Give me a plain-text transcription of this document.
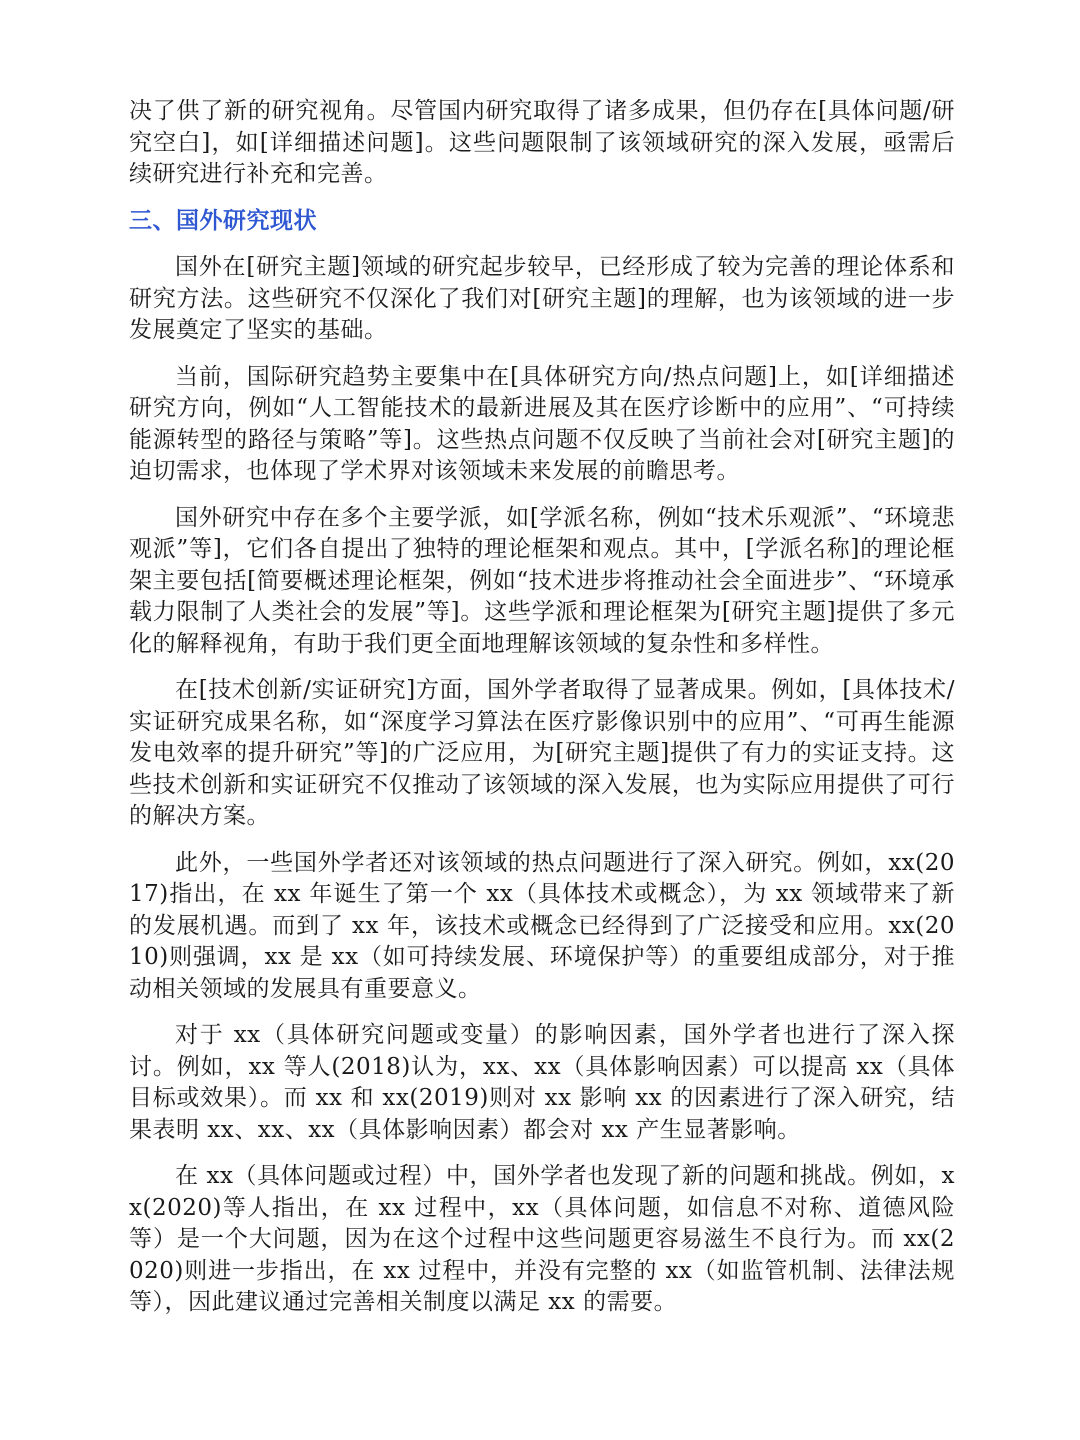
决了供了新的研究视角。尽管国内研究取得了诸多成果，但仍存在[具体问题/研究空白]，如[详细描述问题]。这些问题限制了该领域研究的深入发展，亟需后续研究进行补充和完善。

三、国外研究现状

国外在[研究主题]领域的研究起步较早，已经形成了较为完善的理论体系和研究方法。这些研究不仅深化了我们对[研究主题]的理解，也为该领域的进一步发展奠定了坚实的基础。

当前，国际研究趋势主要集中在[具体研究方向/热点问题]上，如[详细描述研究方向，例如“人工智能技术的最新进展及其在医疗诊断中的应用”、“可持续能源转型的路径与策略”等]。这些热点问题不仅反映了当前社会对[研究主题]的迫切需求，也体现了学术界对该领域未来发展的前瞻思考。

国外研究中存在多个主要学派，如[学派名称，例如“技术乐观派”、“环境悲观派”等]，它们各自提出了独特的理论框架和观点。其中，[学派名称]的理论框架主要包括[简要概述理论框架，例如“技术进步将推动社会全面进步”、“环境承载力限制了人类社会的发展”等]。这些学派和理论框架为[研究主题]提供了多元化的解释视角，有助于我们更全面地理解该领域的复杂性和多样性。

在[技术创新/实证研究]方面，国外学者取得了显著成果。例如，[具体技术/实证研究成果名称，如“深度学习算法在医疗影像识别中的应用”、“可再生能源发电效率的提升研究”等]的广泛应用，为[研究主题]提供了有力的实证支持。这些技术创新和实证研究不仅推动了该领域的深入发展，也为实际应用提供了可行的解决方案。

此外，一些国外学者还对该领域的热点问题进行了深入研究。例如，xx(2017)指出，在 xx 年诞生了第一个 xx（具体技术或概念），为 xx 领域带来了新的发展机遇。而到了 xx 年，该技术或概念已经得到了广泛接受和应用。xx(2010)则强调，xx 是 xx（如可持续发展、环境保护等）的重要组成部分，对于推动相关领域的发展具有重要意义。

对于 xx（具体研究问题或变量）的影响因素，国外学者也进行了深入探讨。例如，xx 等人(2018)认为，xx、xx（具体影响因素）可以提高 xx（具体目标或效果）。而 xx 和 xx(2019)则对 xx 影响 xx 的因素进行了深入研究，结果表明 xx、xx、xx（具体影响因素）都会对 xx 产生显著影响。

在 xx（具体问题或过程）中，国外学者也发现了新的问题和挑战。例如，xx(2020)等人指出，在 xx 过程中，xx（具体问题，如信息不对称、道德风险等）是一个大问题，因为在这个过程中这些问题更容易滋生不良行为。而 xx(2020)则进一步指出，在 xx 过程中，并没有完整的 xx（如监管机制、法律法规等），因此建议通过完善相关制度以满足 xx 的需要。
